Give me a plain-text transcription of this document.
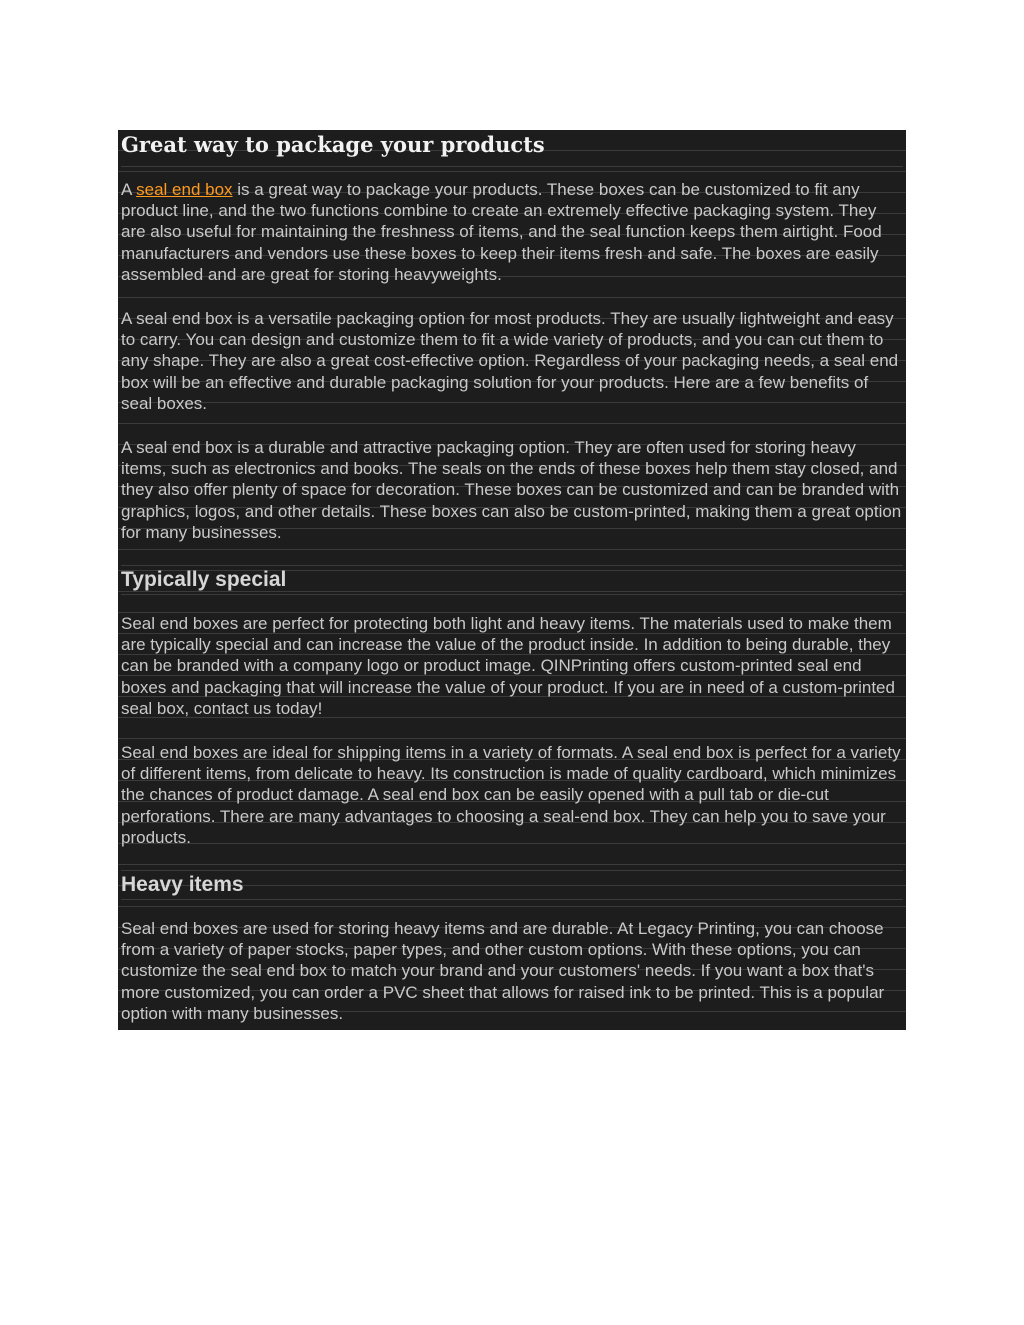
Great way to package your products

A seal end box is a great way to package your products. These boxes can be customized to fit any product line, and the two functions combine to create an extremely effective packaging system. They are also useful for maintaining the freshness of items, and the seal function keeps them airtight. Food manufacturers and vendors use these boxes to keep their items fresh and safe. The boxes are easily assembled and are great for storing heavyweights.

A seal end box is a versatile packaging option for most products. They are usually lightweight and easy to carry. You can design and customize them to fit a wide variety of products, and you can cut them to any shape. They are also a great cost-effective option. Regardless of your packaging needs, a seal end box will be an effective and durable packaging solution for your products. Here are a few benefits of seal boxes.

A seal end box is a durable and attractive packaging option. They are often used for storing heavy items, such as electronics and books. The seals on the ends of these boxes help them stay closed, and they also offer plenty of space for decoration. These boxes can be customized and can be branded with graphics, logos, and other details. These boxes can also be custom-printed, making them a great option for many businesses.

Typically special

Seal end boxes are perfect for protecting both light and heavy items. The materials used to make them are typically special and can increase the value of the product inside. In addition to being durable, they can be branded with a company logo or product image. QINPrinting offers custom-printed seal end boxes and packaging that will increase the value of your product. If you are in need of a custom-printed seal box, contact us today!

Seal end boxes are ideal for shipping items in a variety of formats. A seal end box is perfect for a variety of different items, from delicate to heavy. Its construction is made of quality cardboard, which minimizes the chances of product damage. A seal end box can be easily opened with a pull tab or die-cut perforations. There are many advantages to choosing a seal-end box. They can help you to save your products.

Heavy items

Seal end boxes are used for storing heavy items and are durable. At Legacy Printing, you can choose from a variety of paper stocks, paper types, and other custom options. With these options, you can customize the seal end box to match your brand and your customers' needs. If you want a box that's more customized, you can order a PVC sheet that allows for raised ink to be printed. This is a popular option with many businesses.
